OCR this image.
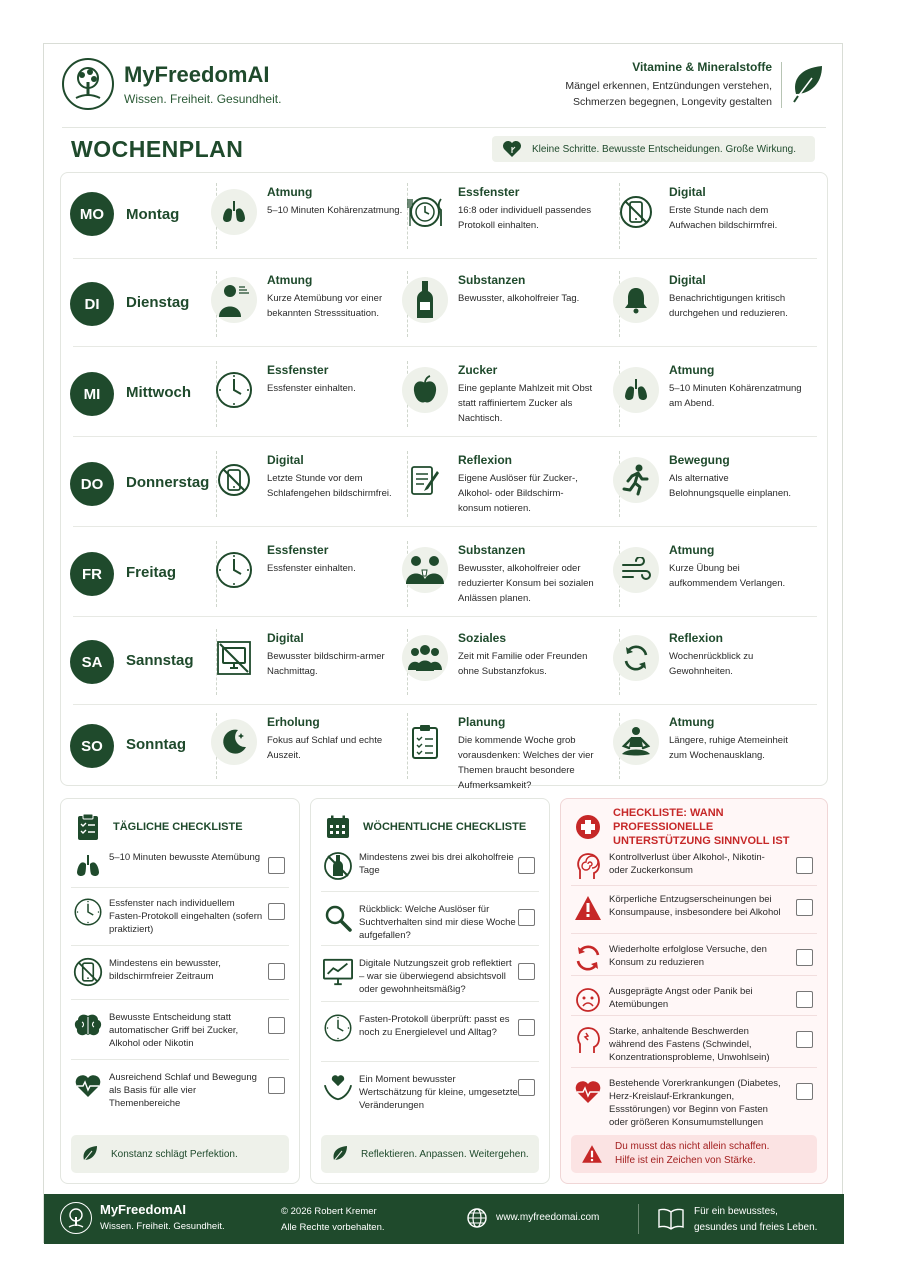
MyFreedomAI
Wissen. Freiheit. Gesundheit.
Vitamine & Mineralstoffe
Mängel erkennen, Entzündungen verstehen,
Schmerzen begegnen, Longevity gestalten
WOCHENPLAN	Kleine Schritte. Bewusste Entscheidungen. Große Wirkung.
MO	Montag
Atmung
5–10 Minuten Kohärenzatmung.
Essfenster
16:8 oder individuell passendes Protokoll einhalten.
Digital
Erste Stunde nach dem Aufwachen bildschirmfrei.
DI	Dienstag
Atmung
Kurze Atemübung vor einer bekannten Stresssituation.
Substanzen
Bewusster, alkoholfreier Tag.
Digital
Benachrichtigungen kritisch durchgehen und reduzieren.
MI	Mittwoch
Essfenster
Essfenster einhalten.
Zucker
Eine geplante Mahlzeit mit Obst statt raffiniertem Zucker als Nachtisch.
Atmung
5–10 Minuten Kohärenzatmung am Abend.
DO	Donnerstag
Digital
Letzte Stunde vor dem Schlafengehen bildschirmfrei.
Reflexion
Eigene Auslöser für Zucker-, Alkohol- oder Bildschirm-konsum notieren.
Bewegung
Als alternative Belohnungsquelle einplanen.
FR	Freitag
Essfenster
Essfenster einhalten.
Substanzen
Bewusster, alkoholfreier oder reduzierter Konsum bei sozialen Anlässen planen.
Atmung
Kurze Übung bei aufkommendem Verlangen.
SA	Sannstag
Digital
Bewusster bildschirm-armer Nachmittag.
Soziales
Zeit mit Familie oder Freunden ohne Substanzfokus.
Reflexion
Wochenrückblick zu Gewohnheiten.
SO	Sonntag
Erholung
Fokus auf Schlaf und echte Auszeit.
Planung
Die kommende Woche grob vorausdenken: Welches der vier Themen braucht besondere Aufmerksamkeit?
Atmung
Längere, ruhige Atemeinheit zum Wochenausklang.
TÄGLICHE CHECKLISTE
5–10 Minuten bewusste Atemübung
Essfenster nach individuellem Fasten-Protokoll eingehalten (sofern praktiziert)
Mindestens ein bewusster, bildschirmfreier Zeitraum
Bewusste Entscheidung statt automatischer Griff bei Zucker, Alkohol oder Nikotin
Ausreichend Schlaf und Bewegung als Basis für alle vier Themenbereiche
Konstanz schlägt Perfektion.
WÖCHENTLICHE CHECKLISTE
Mindestens zwei bis drei alkoholfreie Tage
Rückblick: Welche Auslöser für Suchtverhalten sind mir diese Woche aufgefallen?
Digitale Nutzungszeit grob reflektiert – war sie überwiegend absichtsvoll oder gewohnheitsmäßig?
Fasten-Protokoll überprüft: passt es noch zu Energielevel und Alltag?
Ein Moment bewusster Wertschätzung für kleine, umgesetzte Veränderungen
Reflektieren. Anpassen. Weitergehen.
CHECKLISTE: WANN PROFESSIONELLE
UNTERSTÜTZUNG SINNVOLL IST
Kontrollverlust über Alkohol-, Nikotin- oder Zuckerkonsum
Körperliche Entzugserscheinungen bei Konsumpause, insbesondere bei Alkohol
Wiederholte erfolglose Versuche, den Konsum zu reduzieren
Ausgeprägte Angst oder Panik bei Atemübungen
Starke, anhaltende Beschwerden während des Fastens (Schwindel, Konzentrationsprobleme, Unwohlsein)
Bestehende Vorerkrankungen (Diabetes, Herz-Kreislauf-Erkrankungen, Essstörungen) vor Beginn von Fasten oder größeren Konsumumstellungen
Du musst das nicht allein schaffen.
Hilfe ist ein Zeichen von Stärke.
MyFreedomAI
Wissen. Freiheit. Gesundheit.
© 2026 Robert Kremer
Alle Rechte vorbehalten.
www.myfreedomai.com
Für ein bewusstes,
gesundes und freies Leben.
